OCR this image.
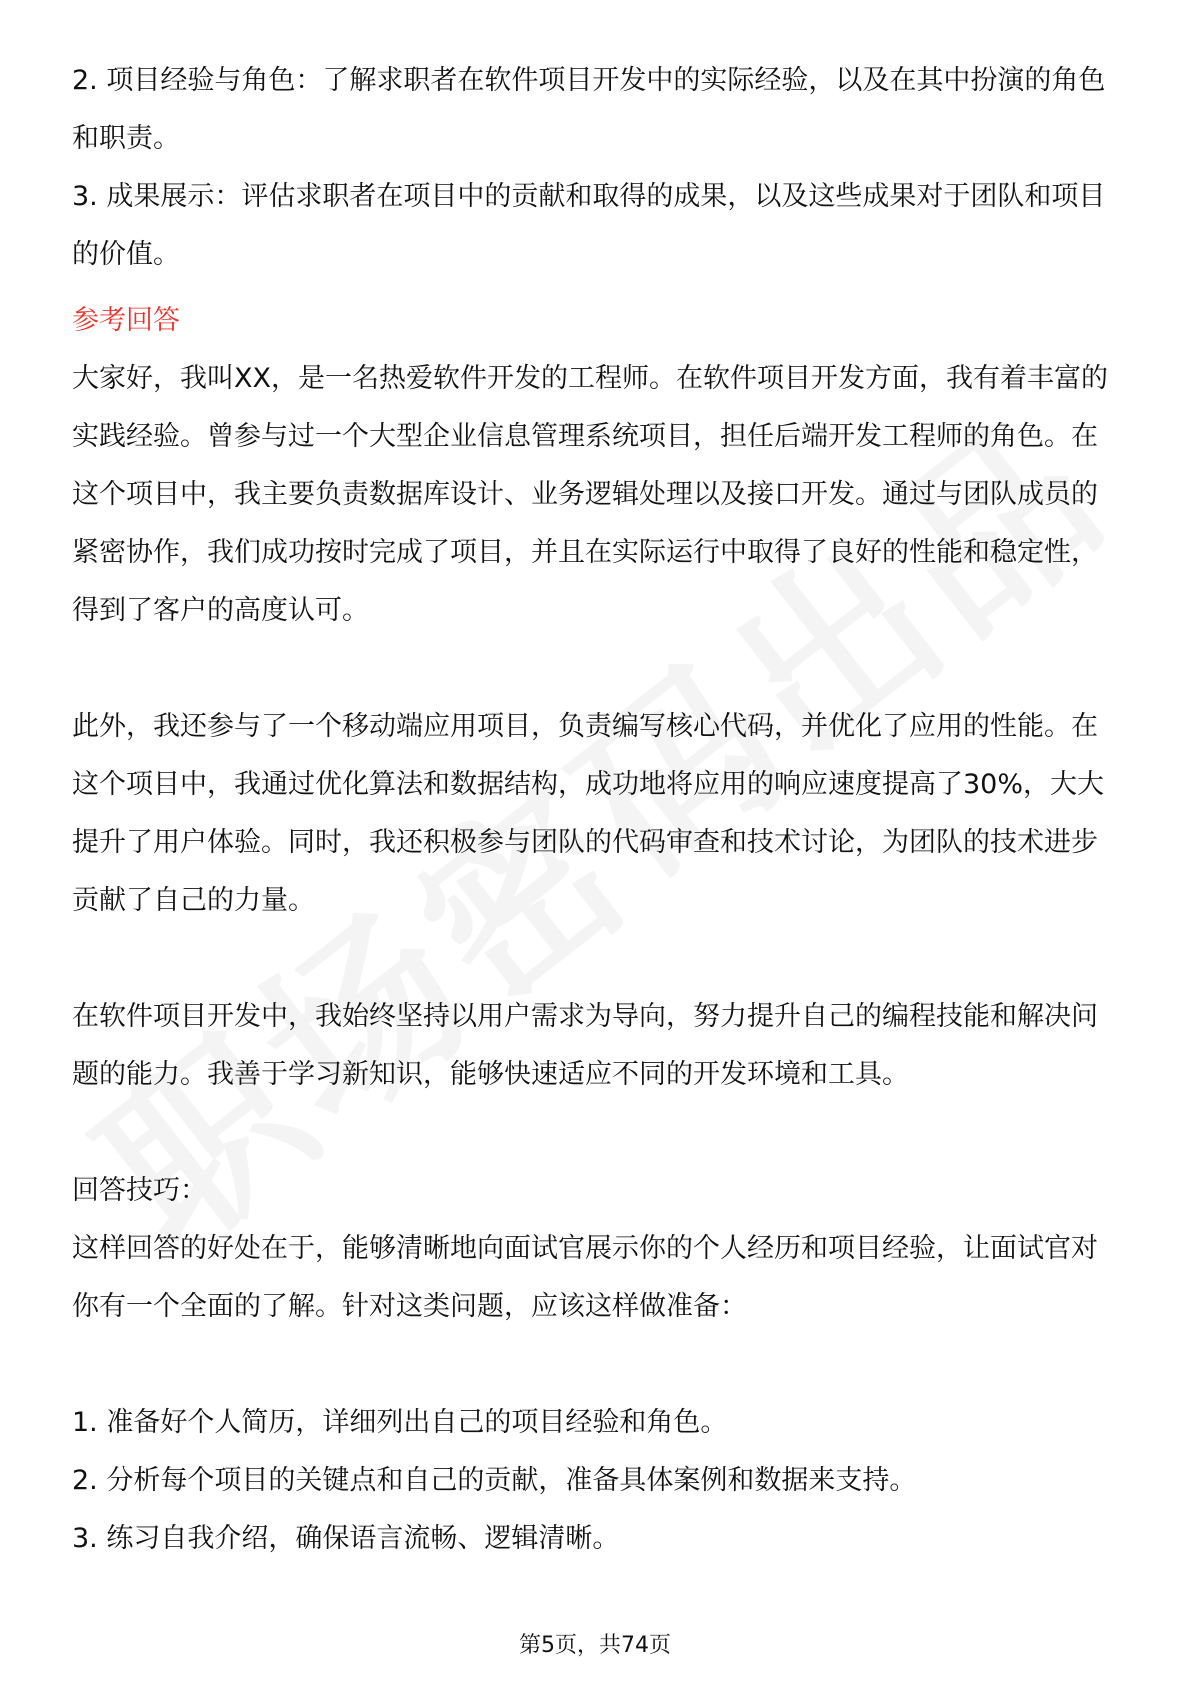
2. 项目经验与角色：了解求职者在软件项目开发中的实际经验，以及在其中扮演的角色和职责。

3. 成果展示：评估求职者在项目中的贡献和取得的成果，以及这些成果对于团队和项目的价值。

参考回答

大家好，我叫XX，是一名热爱软件开发的工程师。在软件项目开发方面，我有着丰富的实践经验。曾参与过一个大型企业信息管理系统项目，担任后端开发工程师的角色。在这个项目中，我主要负责数据库设计、业务逻辑处理以及接口开发。通过与团队成员的紧密协作，我们成功按时完成了项目，并且在实际运行中取得了良好的性能和稳定性，得到了客户的高度认可。

此外，我还参与了一个移动端应用项目，负责编写核心代码，并优化了应用的性能。在这个项目中，我通过优化算法和数据结构，成功地将应用的响应速度提高了30%，大大提升了用户体验。同时，我还积极参与团队的代码审查和技术讨论，为团队的技术进步贡献了自己的力量。

在软件项目开发中，我始终坚持以用户需求为导向，努力提升自己的编程技能和解决问题的能力。我善于学习新知识，能够快速适应不同的开发环境和工具。

回答技巧：

这样回答的好处在于，能够清晰地向面试官展示你的个人经历和项目经验，让面试官对你有一个全面的了解。针对这类问题，应该这样做准备：

1. 准备好个人简历，详细列出自己的项目经验和角色。

2. 分析每个项目的关键点和自己的贡献，准备具体案例和数据来支持。

3. 练习自我介绍，确保语言流畅、逻辑清晰。

第5页，共74页
